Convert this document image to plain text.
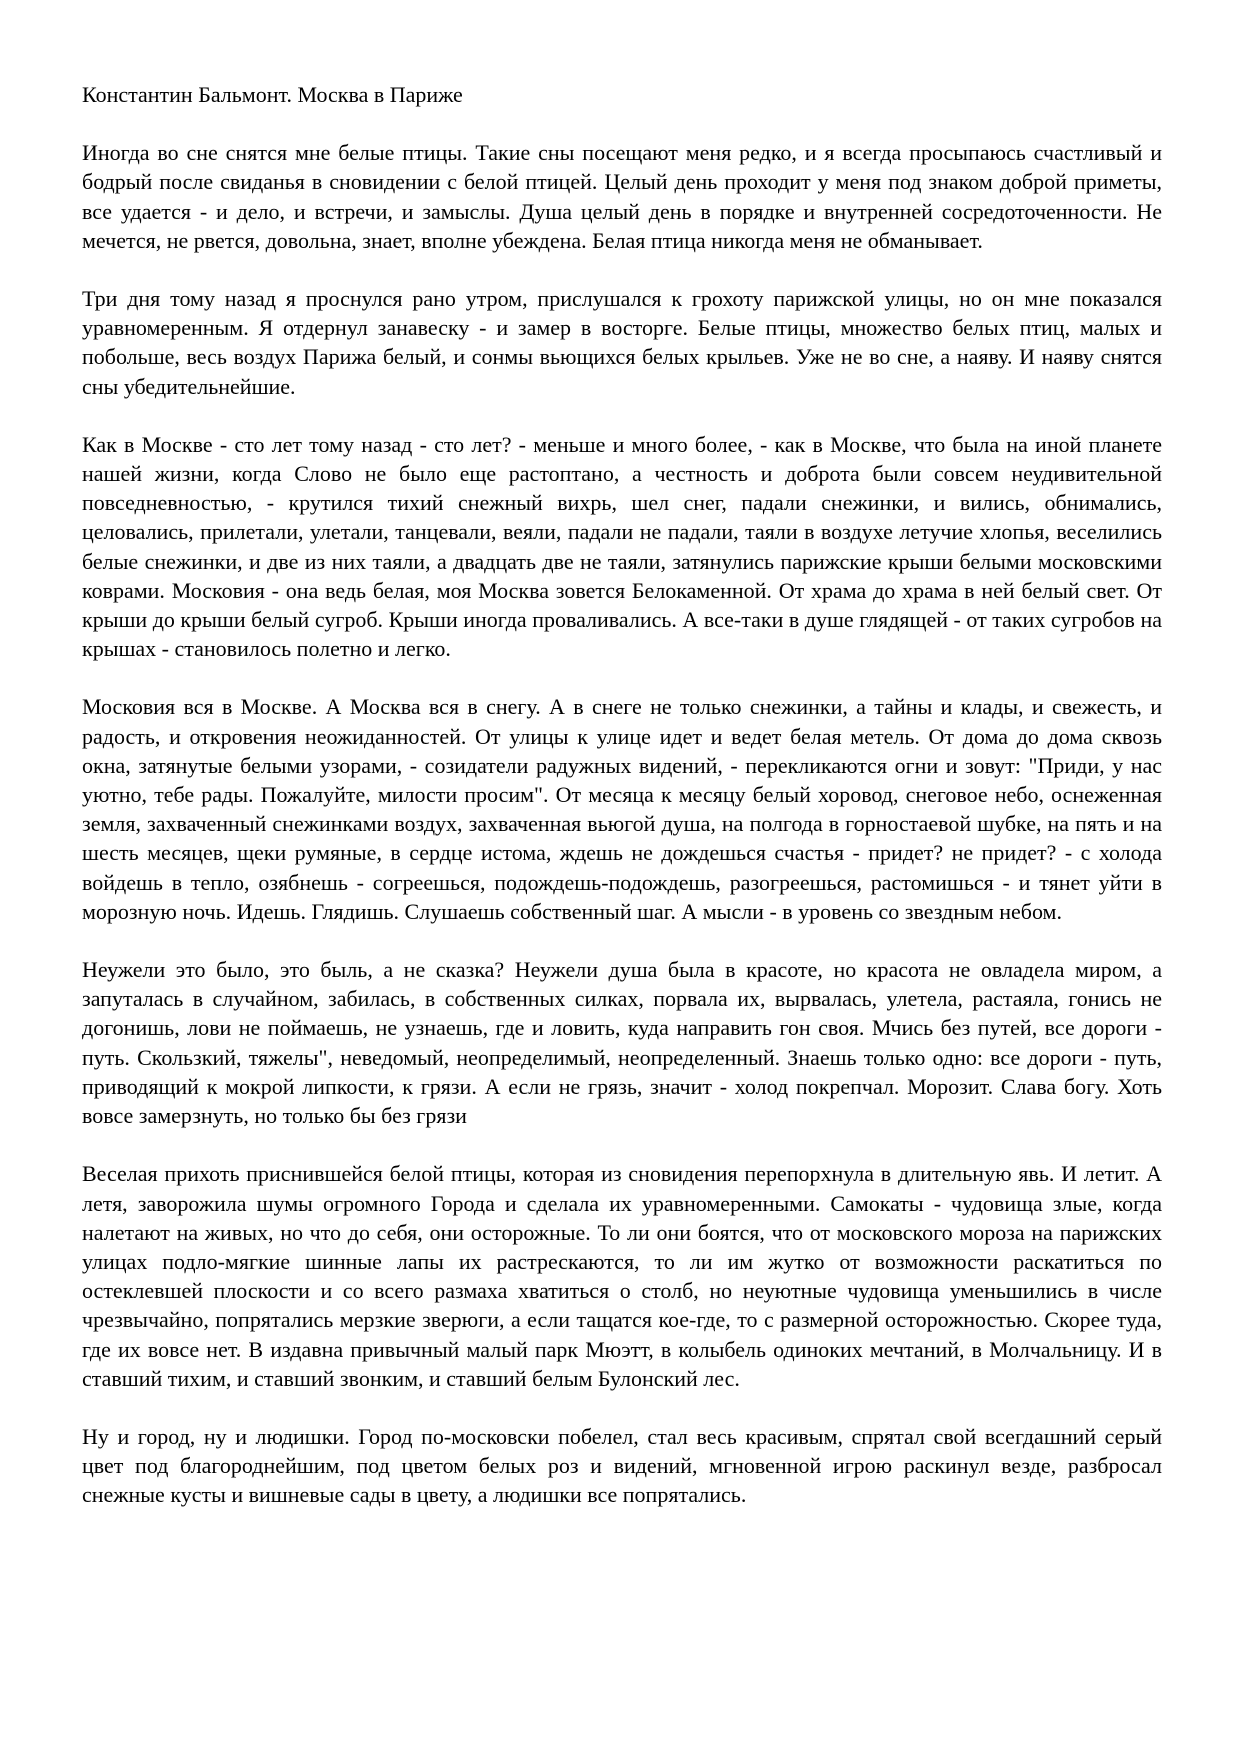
Константин Бальмонт. Москва в Париже

Иногда во сне снятся мне белые птицы. Такие сны посещают меня редко, и я всегда просыпаюсь счастливый и бодрый после свиданья в сновидении с белой птицей. Целый день проходит у меня под знаком доброй приметы, все удается - и дело, и встречи, и замыслы. Душа целый день в порядке и внутренней сосредоточенности. Не мечется, не рвется, довольна, знает, вполне убеждена. Белая птица никогда меня не обманывает.

Три дня тому назад я проснулся рано утром, прислушался к грохоту парижской улицы, но он мне показался уравномеренным. Я отдернул занавеску - и замер в восторге. Белые птицы, множество белых птиц, малых и побольше, весь воздух Парижа белый, и сонмы вьющихся белых крыльев. Уже не во сне, а наяву. И наяву снятся сны убедительнейшие.

Как в Москве - сто лет тому назад - сто лет? - меньше и много более, - как в Москве, что была на иной планете нашей жизни, когда Слово не было еще растоптано, а честность и доброта были совсем неудивительной повседневностью, - крутился тихий снежный вихрь, шел снег, падали снежинки, и вились, обнимались, целовались, прилетали, улетали, танцевали, веяли, падали не падали, таяли в воздухе летучие хлопья, веселились белые снежинки, и две из них таяли, а двадцать две не таяли, затянулись парижские крыши белыми московскими коврами. Московия - она ведь белая, моя Москва зовется Белокаменной. От храма до храма в ней белый свет. От крыши до крыши белый сугроб. Крыши иногда проваливались. А все-таки в душе глядящей - от таких сугробов на крышах - становилось полетно и легко.

Московия вся в Москве. А Москва вся в снегу. А в снеге не только снежинки, а тайны и клады, и свежесть, и радость, и откровения неожиданностей. От улицы к улице идет и ведет белая метель. От дома до дома сквозь окна, затянутые белыми узорами, - созидатели радужных видений, - перекликаются огни и зовут: "Приди, у нас уютно, тебе рады. Пожалуйте, милости просим". От месяца к месяцу белый хоровод, снеговое небо, оснеженная земля, захваченный снежинками воздух, захваченная вьюгой душа, на полгода в горностаевой шубке, на пять и на шесть месяцев, щеки румяные, в сердце истома, ждешь не дождешься счастья - придет? не придет? - с холода войдешь в тепло, озябнешь - согреешься, подождешь-подождешь, разогреешься, растомишься - и тянет уйти в морозную ночь. Идешь. Глядишь. Слушаешь собственный шаг. А мысли - в уровень со звездным небом.

Неужели это было, это быль, а не сказка? Неужели душа была в красоте, но красота не овладела миром, а запуталась в случайном, забилась, в собственных силках, порвала их, вырвалась, улетела, растаяла, гонись не догонишь, лови не поймаешь, не узнаешь, где и ловить, куда направить гон своя. Мчись без путей, все дороги - путь. Скользкий, тяжелы", неведомый, неопределимый, неопределенный. Знаешь только одно: все дороги - путь, приводящий к мокрой липкости, к грязи. А если не грязь, значит - холод покрепчал. Морозит. Слава богу. Хоть вовсе замерзнуть, но только бы без грязи

Веселая прихоть приснившейся белой птицы, которая из сновидения перепорхнула в длительную явь. И летит. А летя, заворожила шумы огромного Города и сделала их уравномеренными. Самокаты - чудовища злые, когда налетают на живых, но что до себя, они осторожные. То ли они боятся, что от московского мороза на парижских улицах подло-мягкие шинные лапы их растрескаются, то ли им жутко от возможности раскатиться по остеклевшей плоскости и со всего размаха хватиться о столб, но неуютные чудовища уменьшились в числе чрезвычайно, попрятались мерзкие зверюги, а если тащатся кое-где, то с размерной осторожностью. Скорее туда, где их вовсе нет. В издавна привычный малый парк Мюэтт, в колыбель одиноких мечтаний, в Молчальницу. И в ставший тихим, и ставший звонким, и ставший белым Булонский лес.

Ну и город, ну и людишки. Город по-московски побелел, стал весь красивым, спрятал свой всегдашний серый цвет под благороднейшим, под цветом белых роз и видений, мгновенной игрою раскинул везде, разбросал снежные кусты и вишневые сады в цвету, а людишки все попрятались.
